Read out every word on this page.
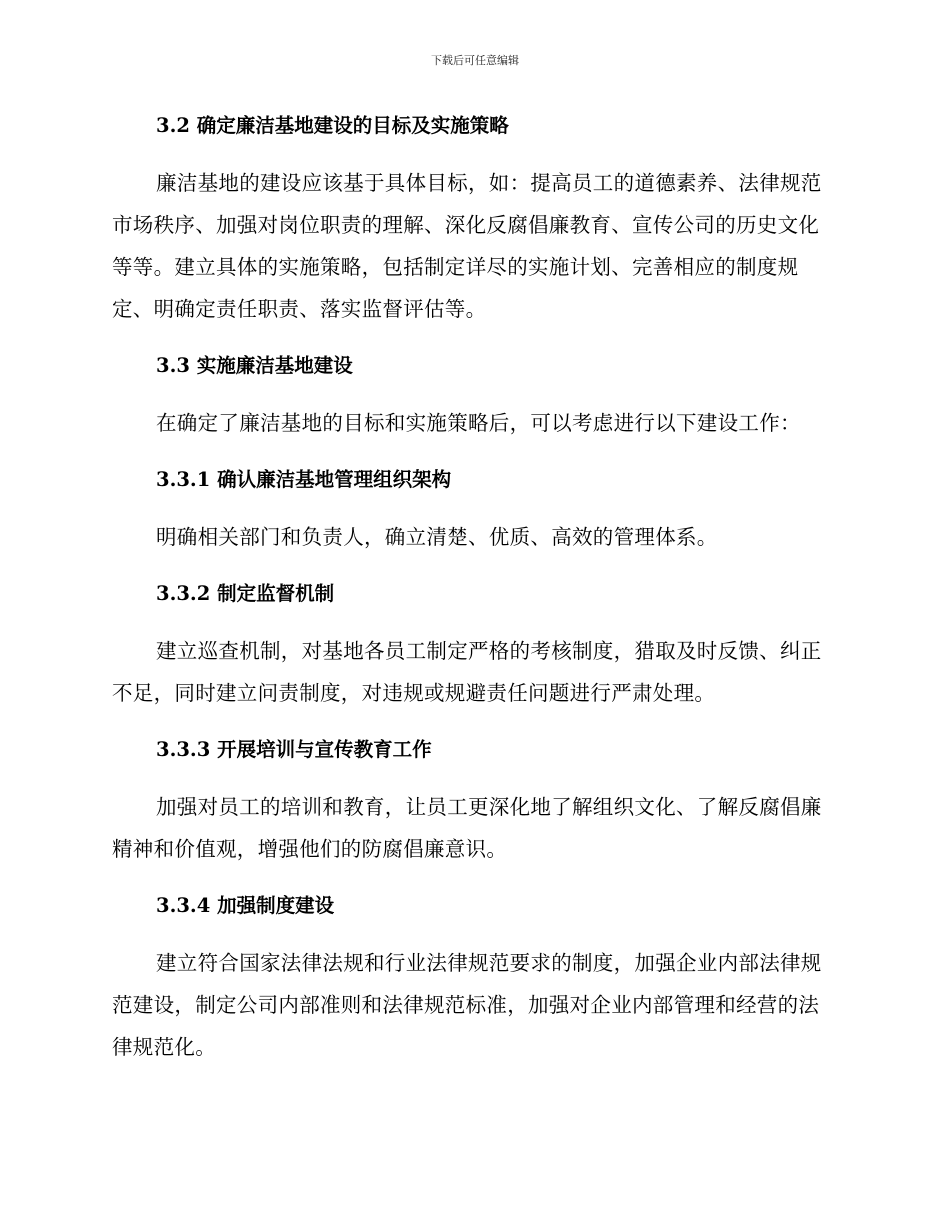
下载后可任意编辑
3.2 确定廉洁基地建设的目标及实施策略

廉洁基地的建设应该基于具体目标，如：提高员工的道德素养、法律规范市场秩序、加强对岗位职责的理解、深化反腐倡廉教育、宣传公司的历史文化等等。建立具体的实施策略，包括制定详尽的实施计划、完善相应的制度规定、明确定责任职责、落实监督评估等。

3.3 实施廉洁基地建设

在确定了廉洁基地的目标和实施策略后，可以考虑进行以下建设工作：

3.3.1 确认廉洁基地管理组织架构

明确相关部门和负责人，确立清楚、优质、高效的管理体系。

3.3.2 制定监督机制

建立巡查机制，对基地各员工制定严格的考核制度，猎取及时反馈、纠正不足，同时建立问责制度，对违规或规避责任问题进行严肃处理。

3.3.3 开展培训与宣传教育工作

加强对员工的培训和教育，让员工更深化地了解组织文化、了解反腐倡廉精神和价值观，增强他们的防腐倡廉意识。

3.3.4 加强制度建设

建立符合国家法律法规和行业法律规范要求的制度，加强企业内部法律规范建设，制定公司内部准则和法律规范标准，加强对企业内部管理和经营的法律规范化。
